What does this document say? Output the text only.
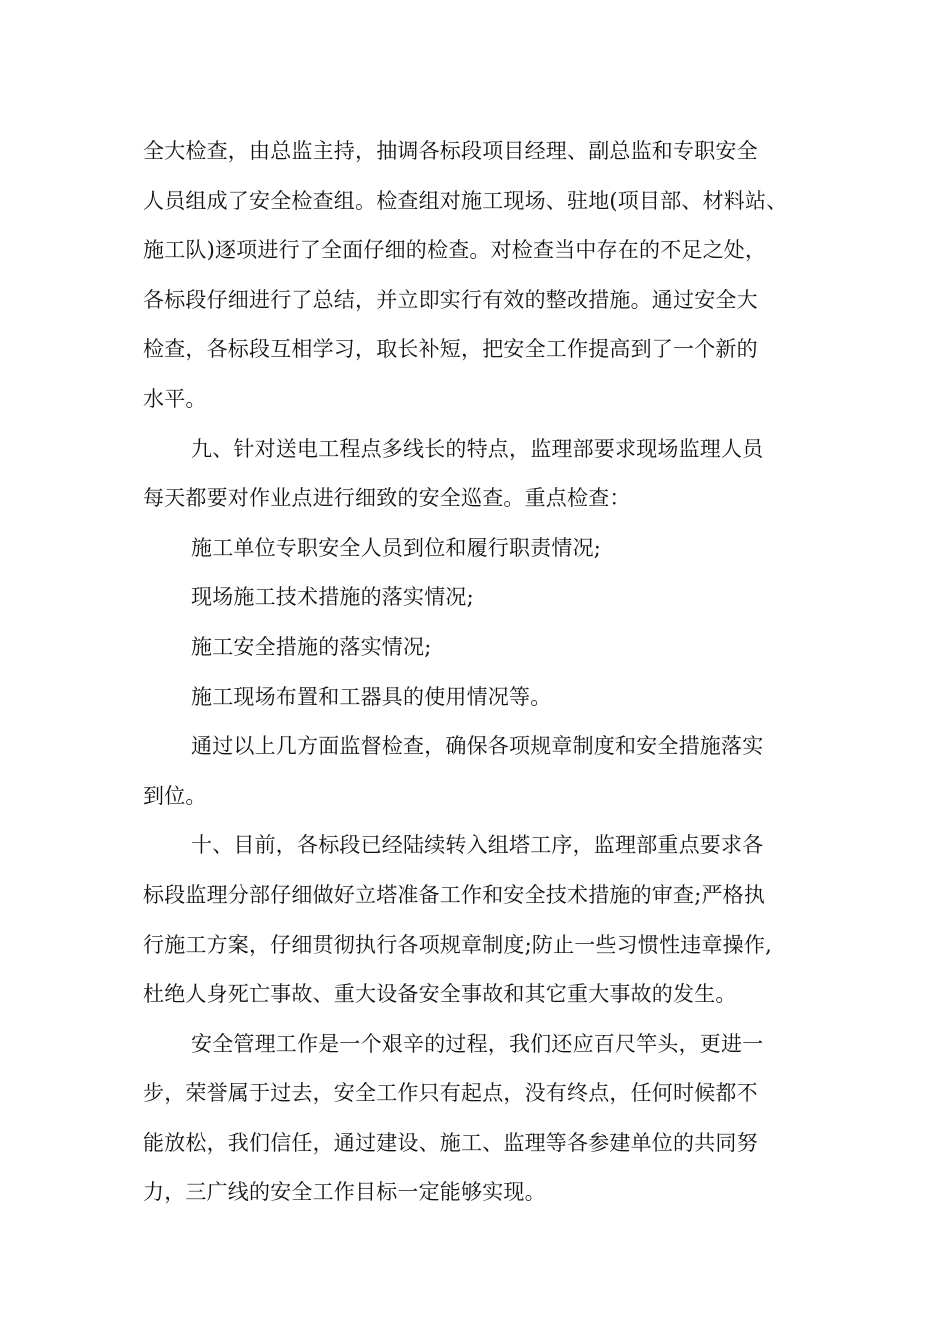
全大检查，由总监主持，抽调各标段项目经理、副总监和专职安全
人员组成了安全检查组。检查组对施工现场、驻地(项目部、材料站、
施工队)逐项进行了全面仔细的检查。对检查当中存在的不足之处，
各标段仔细进行了总结，并立即实行有效的整改措施。通过安全大
检查，各标段互相学习，取长补短，把安全工作提高到了一个新的
水平。
九、针对送电工程点多线长的特点，监理部要求现场监理人员
每天都要对作业点进行细致的安全巡查。重点检查：
施工单位专职安全人员到位和履行职责情况;
现场施工技术措施的落实情况;
施工安全措施的落实情况;
施工现场布置和工器具的使用情况等。
通过以上几方面监督检查，确保各项规章制度和安全措施落实
到位。
十、目前，各标段已经陆续转入组塔工序，监理部重点要求各
标段监理分部仔细做好立塔准备工作和安全技术措施的审查;严格执
行施工方案，仔细贯彻执行各项规章制度;防止一些习惯性违章操作,
杜绝人身死亡事故、重大设备安全事故和其它重大事故的发生。
安全管理工作是一个艰辛的过程，我们还应百尺竿头，更进一
步，荣誉属于过去，安全工作只有起点，没有终点，任何时候都不
能放松，我们信任，通过建设、施工、监理等各参建单位的共同努
力，三广线的安全工作目标一定能够实现。
